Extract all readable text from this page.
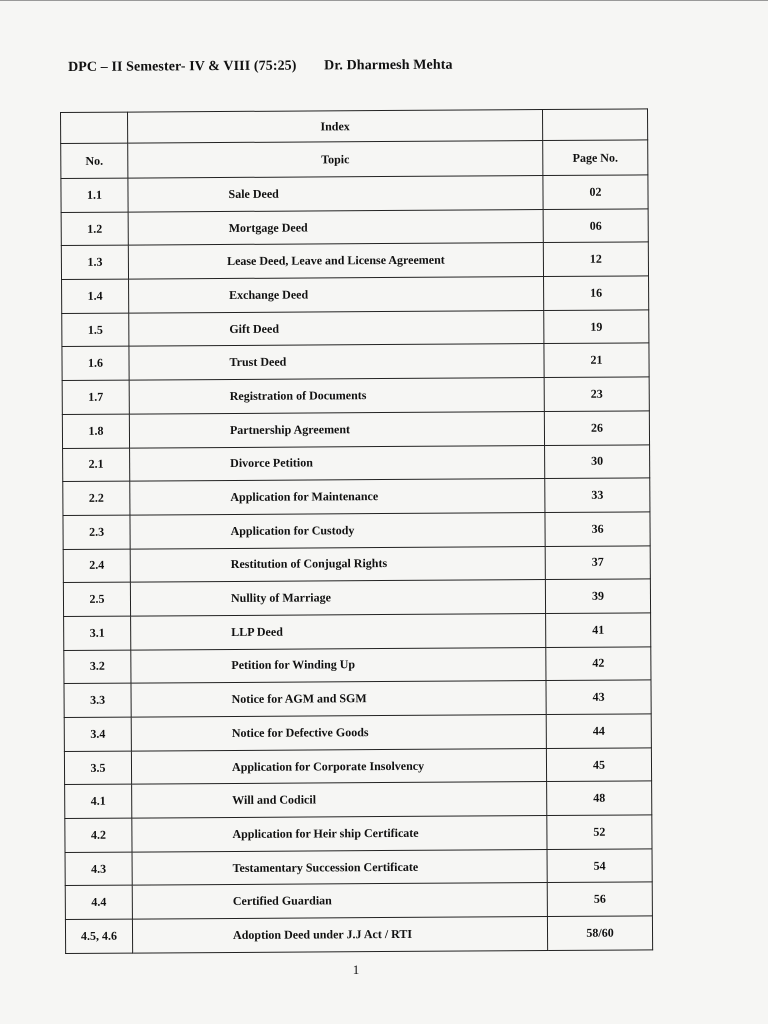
DPC – II Semester- IV & VIII (75:25) Dr. Dharmesh Mehta
	Index	
No.	Topic	Page No.
1.1	Sale Deed	02
1.2	Mortgage Deed	06
1.3	Lease Deed, Leave and License Agreement	12
1.4	Exchange Deed	16
1.5	Gift Deed	19
1.6	Trust Deed	21
1.7	Registration of Documents	23
1.8	Partnership Agreement	26
2.1	Divorce Petition	30
2.2	Application for Maintenance	33
2.3	Application for Custody	36
2.4	Restitution of Conjugal Rights	37
2.5	Nullity of Marriage	39
3.1	LLP Deed	41
3.2	Petition for Winding Up	42
3.3	Notice for AGM and SGM	43
3.4	Notice for Defective Goods	44
3.5	Application for Corporate Insolvency	45
4.1	Will and Codicil	48
4.2	Application for Heir ship Certificate	52
4.3	Testamentary Succession Certificate	54
4.4	Certified Guardian	56
4.5, 4.6	Adoption Deed under J.J Act / RTI	58/60
1
